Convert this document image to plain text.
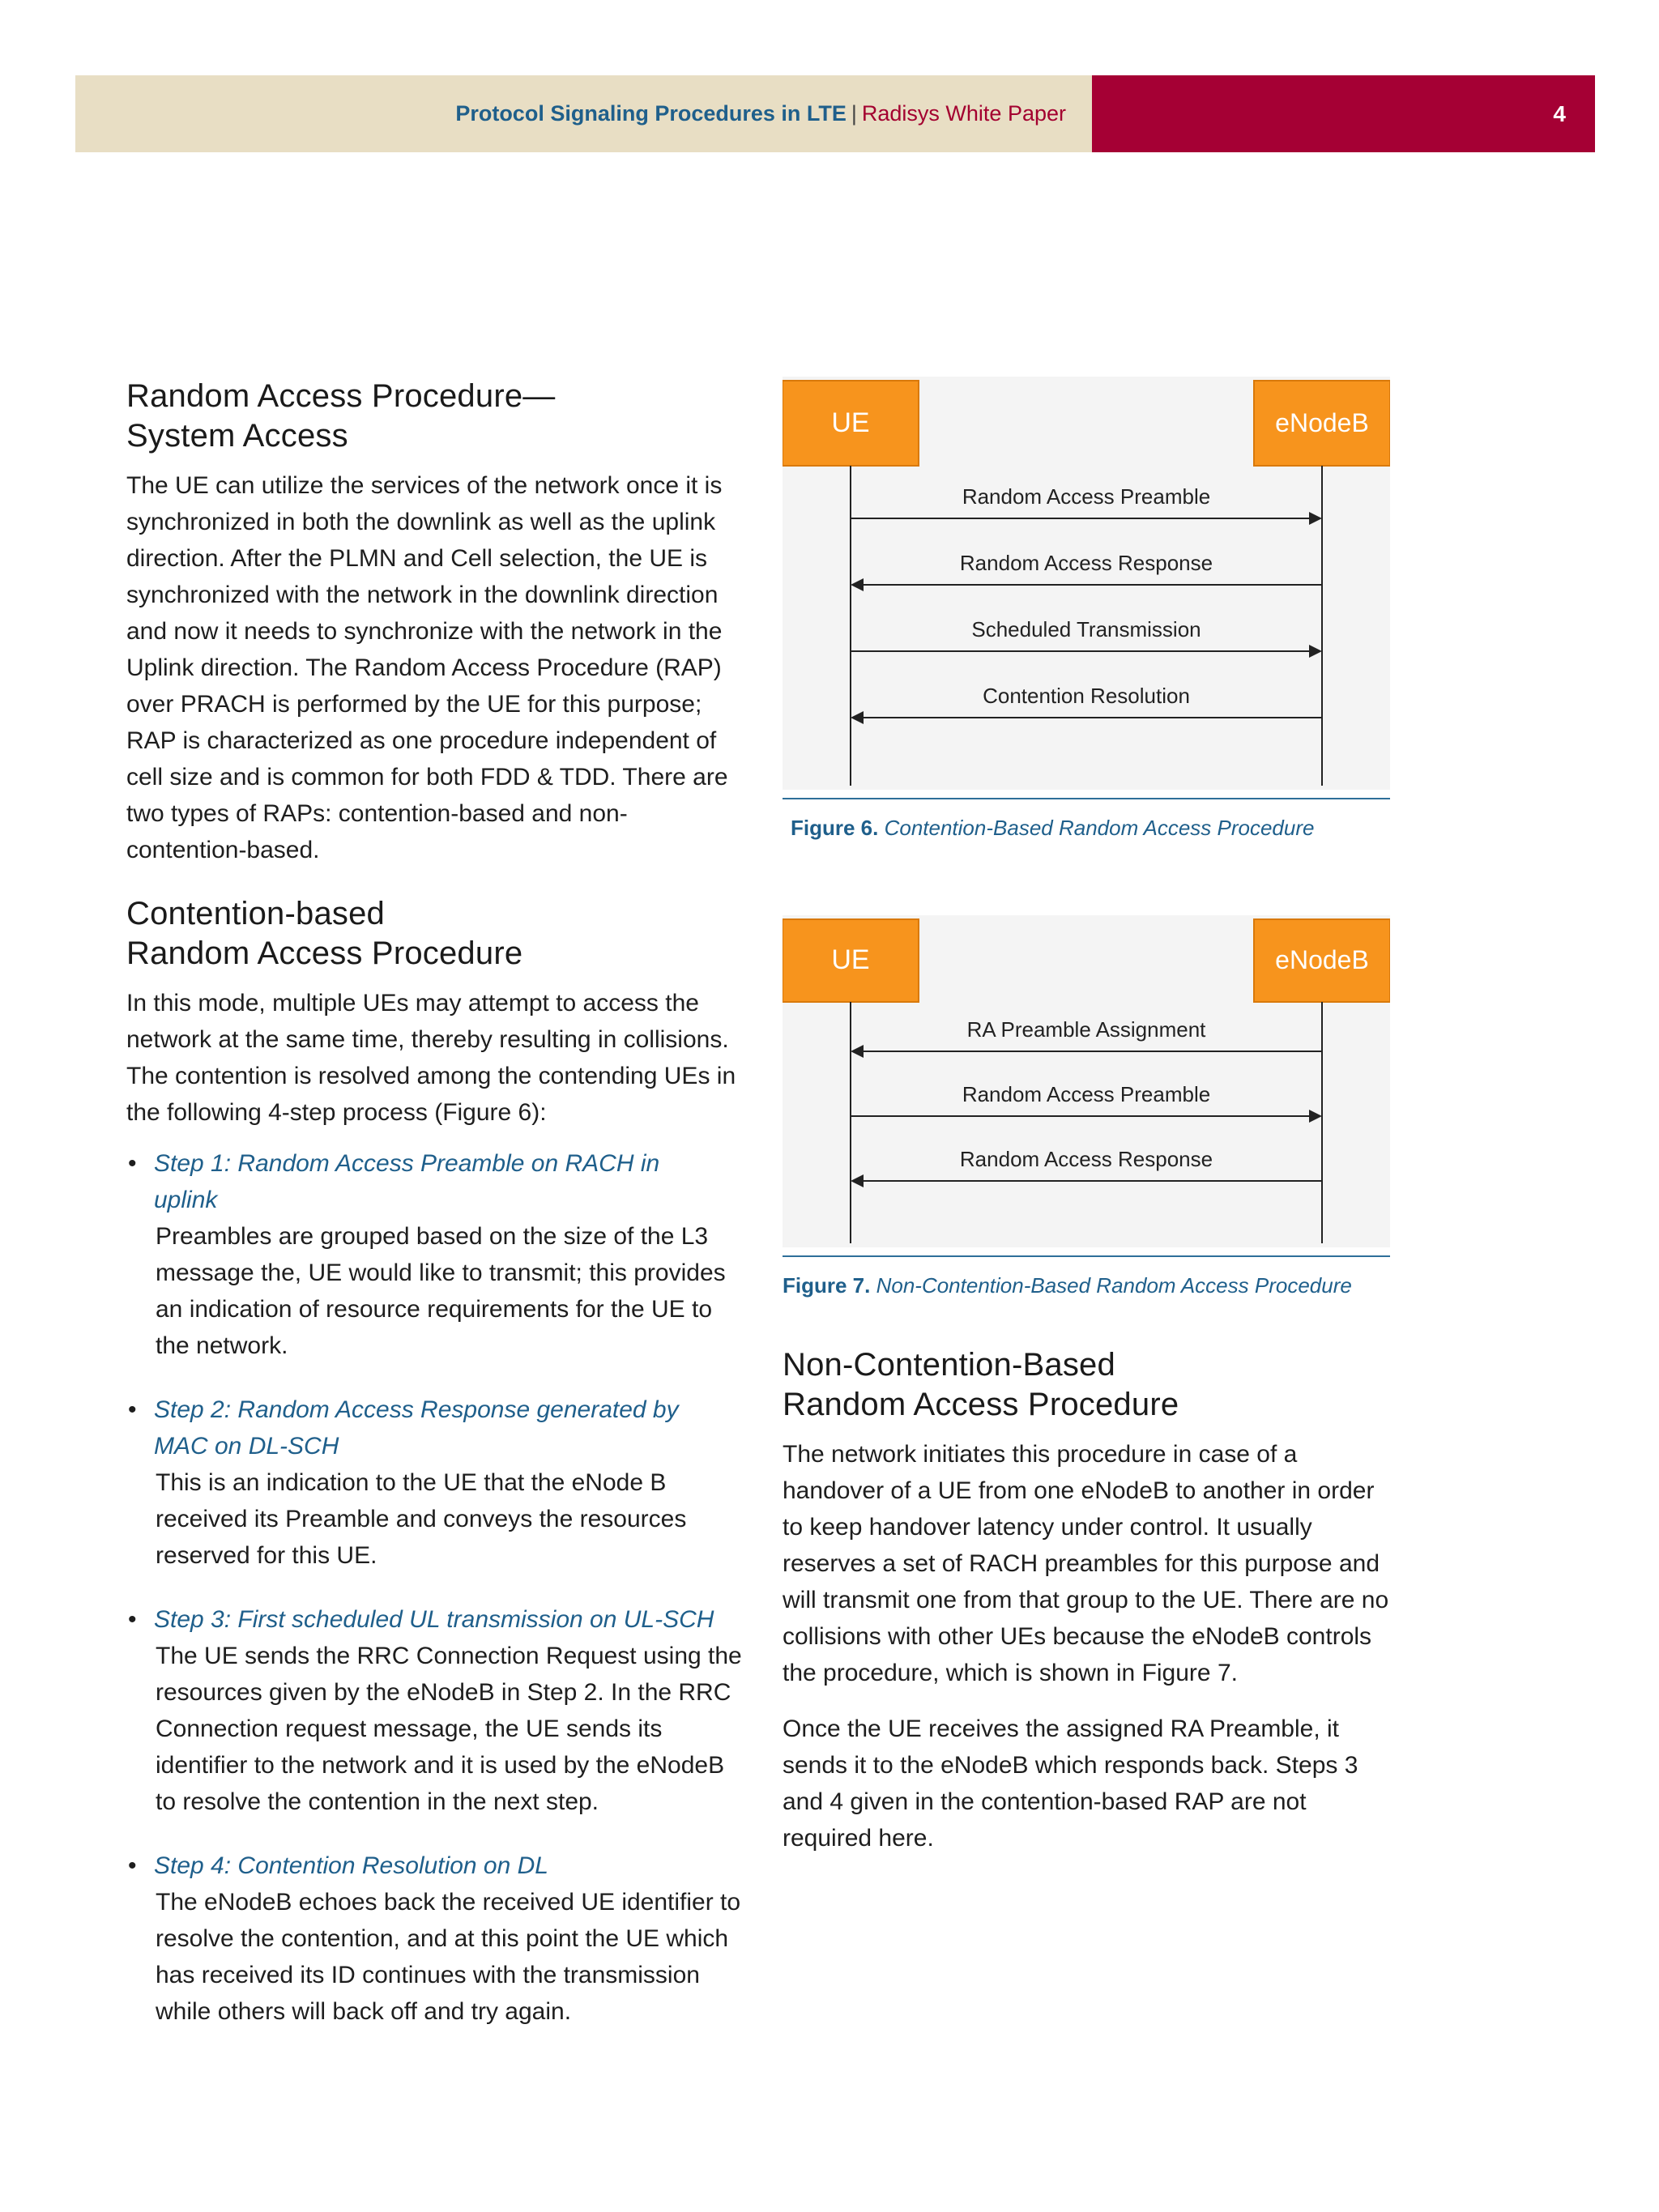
Protocol Signaling Procedures in LTE | Radisys White Paper	4
Random Access Procedure—
System Access

The UE can utilize the services of the network once it is synchronized in both the downlink as well as the uplink direction. After the PLMN and Cell selection, the UE is synchronized with the network in the downlink direction and now it needs to synchronize with the network in the Uplink direction. The Random Access Procedure (RAP) over PRACH is performed by the UE for this purpose; RAP is characterized as one procedure independent of cell size and is common for both FDD & TDD. There are two types of RAPs: contention-based and non-contention-based.

Contention-based
Random Access Procedure

In this mode, multiple UEs may attempt to access the network at the same time, thereby resulting in collisions. The contention is resolved among the contending UEs in the following 4-step process (Figure 6):

• Step 1: Random Access Preamble on RACH in uplink
Preambles are grouped based on the size of the L3 message the, UE would like to transmit; this provides an indication of resource requirements for the UE to the network.
• Step 2: Random Access Response generated by MAC on DL-SCH
This is an indication to the UE that the eNode B received its Preamble and conveys the resources reserved for this UE.
• Step 3: First scheduled UL transmission on UL-SCH
The UE sends the RRC Connection Request using the resources given by the eNodeB in Step 2. In the RRC Connection request message, the UE sends its identifier to the network and it is used by the eNodeB to resolve the contention in the next step.
• Step 4: Contention Resolution on DL
The eNodeB echoes back the received UE identifier to resolve the contention, and at this point the UE which has received its ID continues with the transmission while others will back off and try again.
UE	eNodeB
Random Access Preamble
Random Access Response
Scheduled Transmission
Contention Resolution
Figure 6. Contention-Based Random Access Procedure
UE	eNodeB
RA Preamble Assignment
Random Access Preamble
Random Access Response
Figure 7. Non-Contention-Based Random Access Procedure
Non-Contention-Based
Random Access Procedure

The network initiates this procedure in case of a handover of a UE from one eNodeB to another in order to keep handover latency under control. It usually reserves a set of RACH preambles for this purpose and will transmit one from that group to the UE. There are no collisions with other UEs because the eNodeB controls the procedure, which is shown in Figure 7.

Once the UE receives the assigned RA Preamble, it sends it to the eNodeB which responds back. Steps 3 and 4 given in the contention-based RAP are not required here.
